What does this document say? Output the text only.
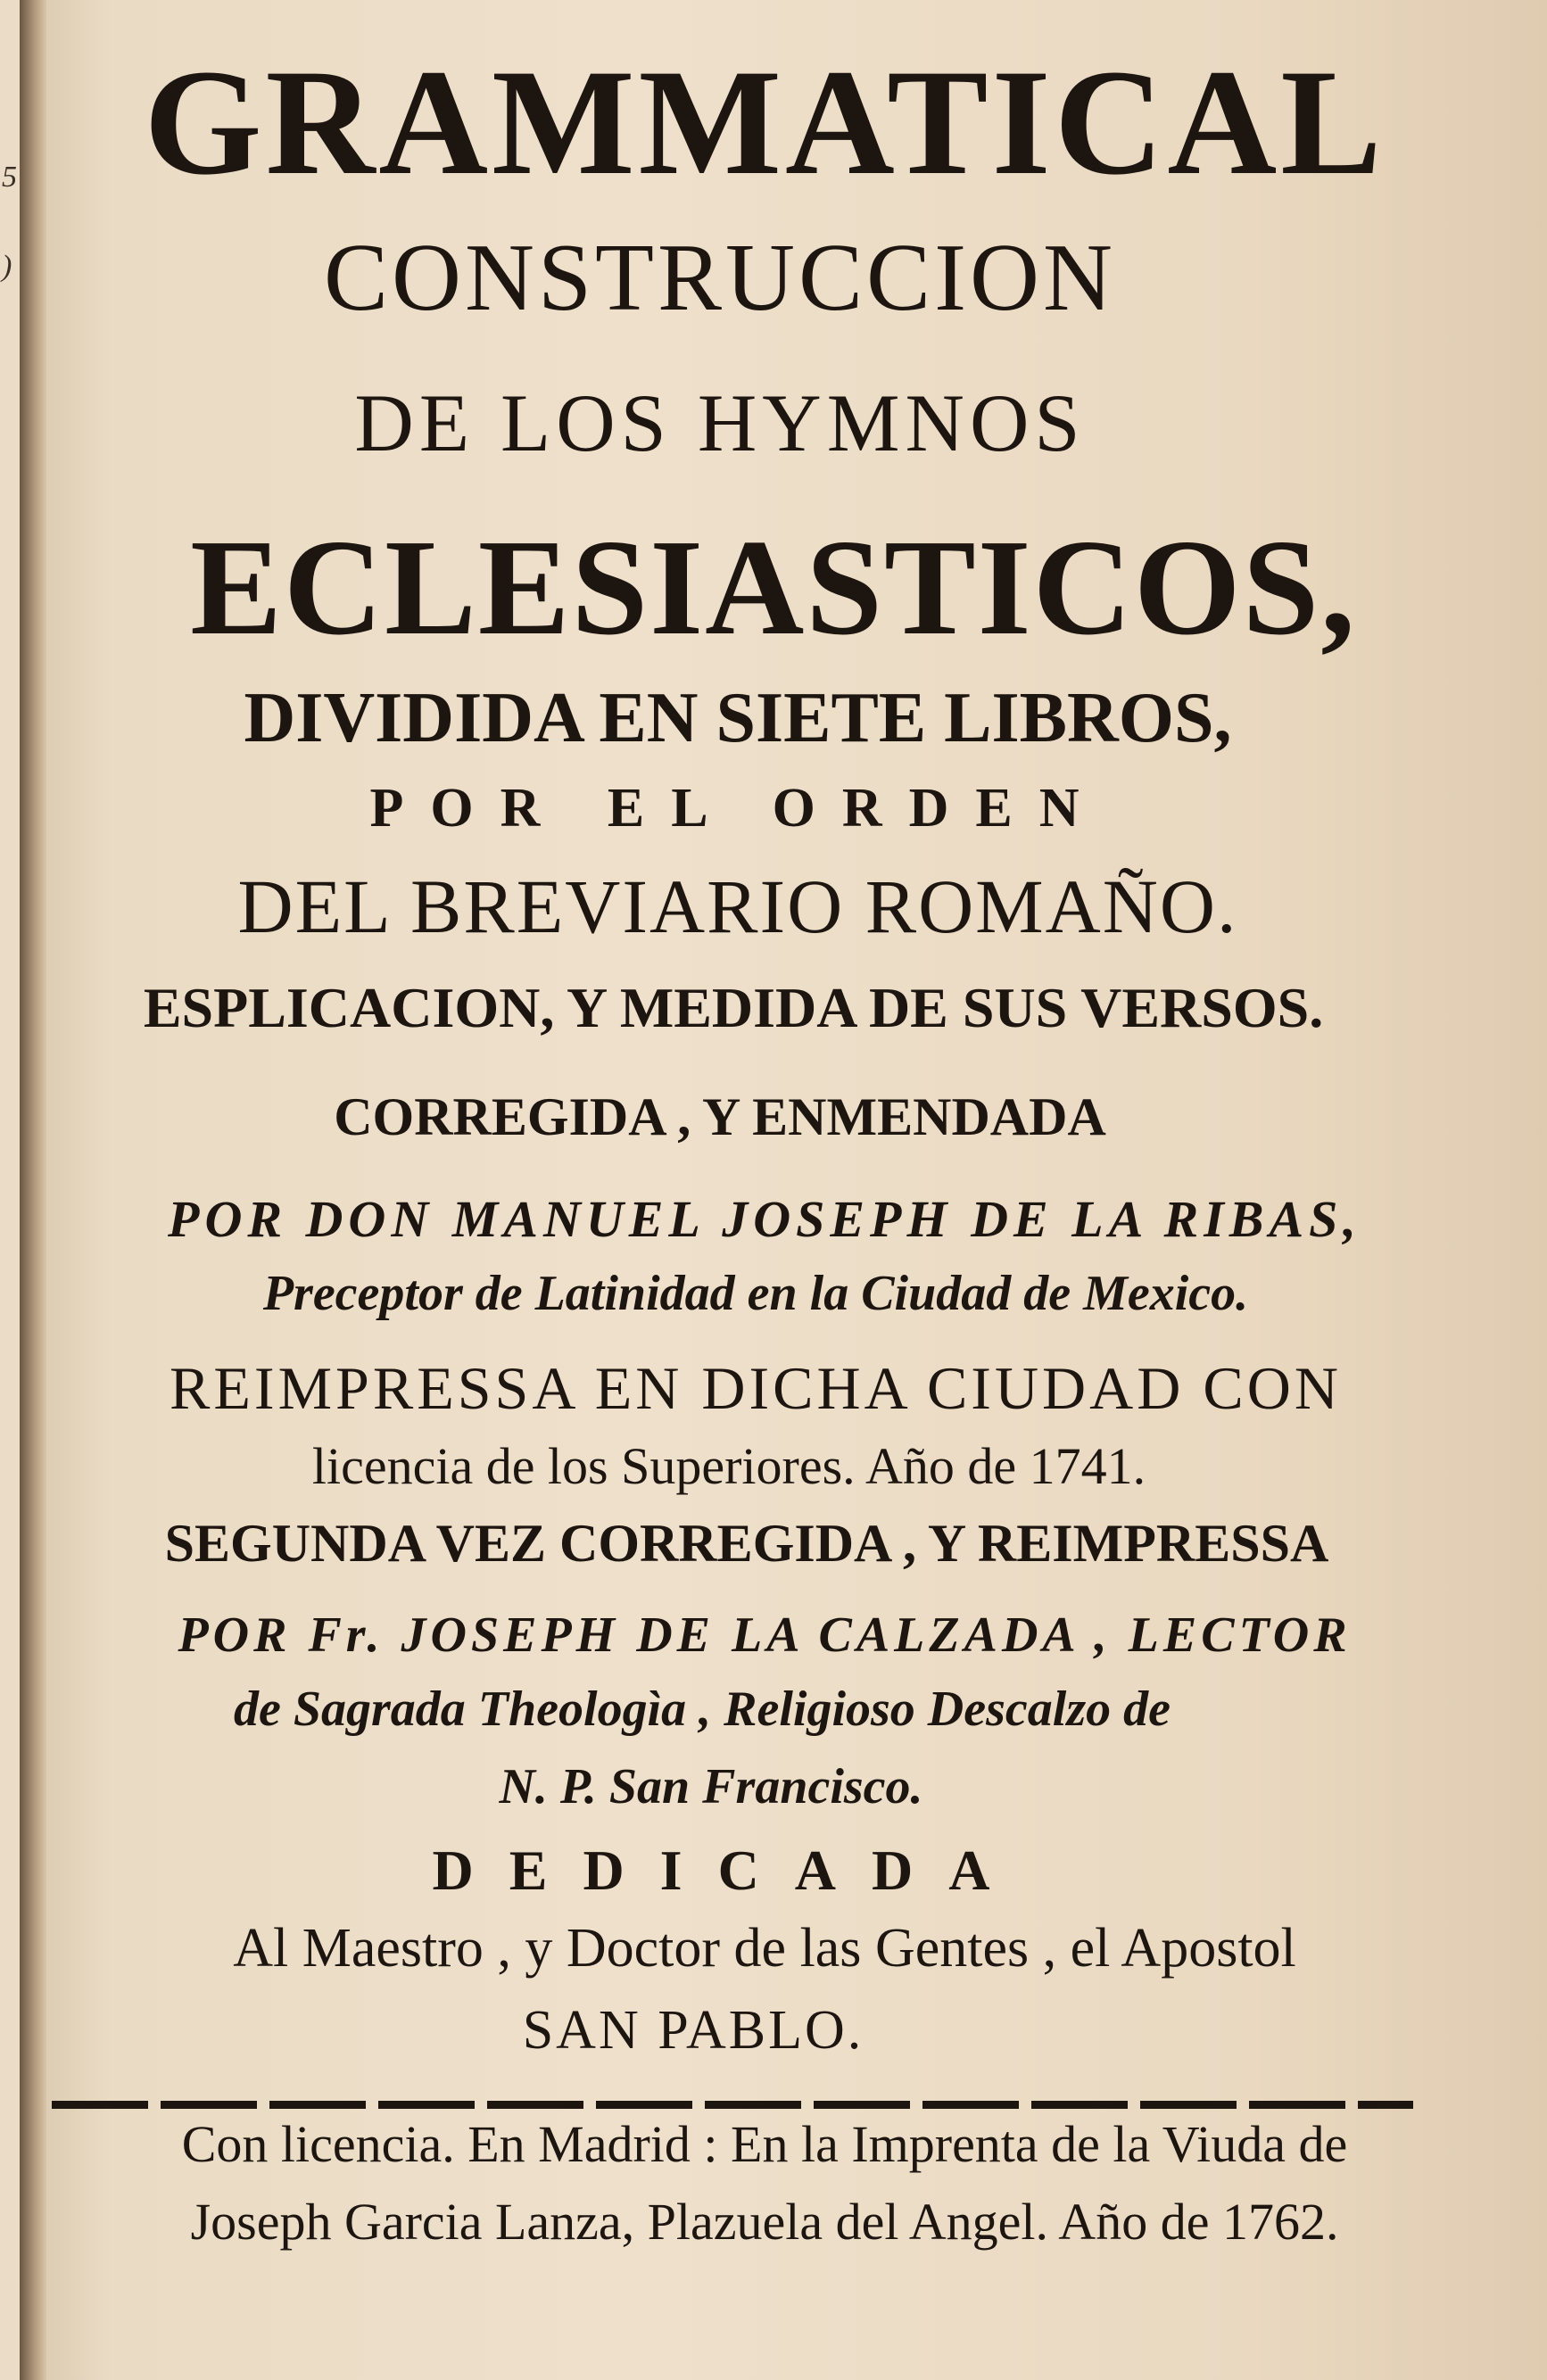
5
)
GRAMMATICAL
CONSTRUCCION
DE LOS HYMNOS
ECLESIASTICOS,
DIVIDIDA EN SIETE LIBROS,
POR EL ORDEN
DEL BREVIARIO ROMAÑO.
ESPLICACION, Y MEDIDA DE SUS VERSOS.
CORREGIDA , Y ENMENDADA
POR DON MANUEL JOSEPH DE LA RIBAS,
Preceptor de Latinidad en la Ciudad de Mexico.
REIMPRESSA EN DICHA CIUDAD CON
licencia de los Superiores. Año de 1741.
SEGUNDA VEZ CORREGIDA , Y REIMPRESSA
POR Fr. JOSEPH DE LA CALZADA , LECTOR
de Sagrada Theologìa , Religioso Descalzo de
N. P. San Francisco.
DEDICADA
Al Maestro , y Doctor de las Gentes , el Apostol
SAN PABLO.
Con licencia. En Madrid : En la Imprenta de la Viuda de
Joseph Garcia Lanza, Plazuela del Angel. Año de 1762.
